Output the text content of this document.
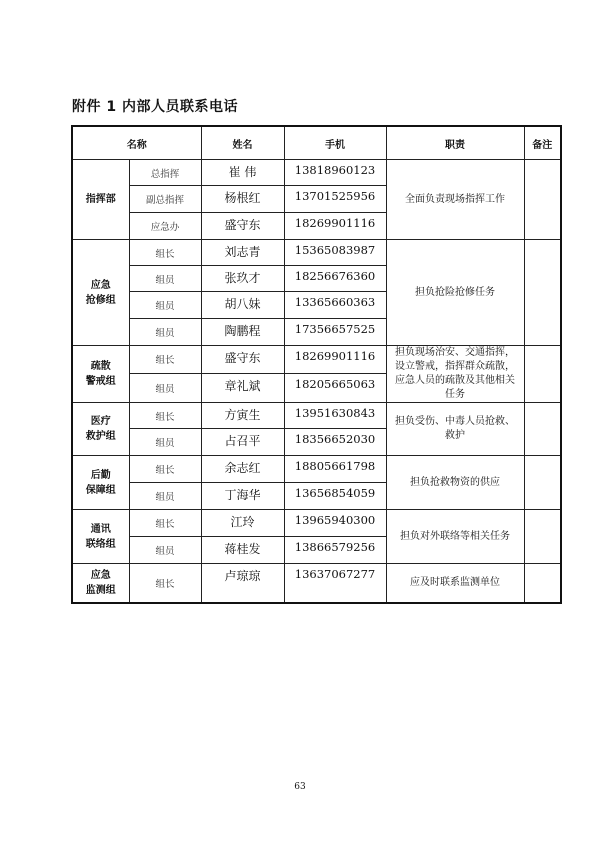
附件 1 内部人员联系电话
名称		姓名	手机	职责	备注

指挥部	总指挥	崔 伟	13818960123	全面负责现场指挥工作	
	副总指挥	杨根红	13701525956		
	应急办	盛守东	18269901116		

应急
抢修组	组长	刘志青	15365083987	担负抢险抢修任务	
	组员	张玖才	18256676360		
	组员	胡八妹	13365660363		
	组员	陶鹏程	17356657525		

疏散
警戒组	组长	盛守东	18269901116	担负现场治安、交通指挥，设立警戒，指挥群众疏散，应急人员的疏散及其他相关任务	
	组员	章礼斌	18205665063		

医疗
救护组	组长	方寅生	13951630843	担负受伤、中毒人员抢救、救护	
	组员	占召平	18356652030		

后勤
保障组	组长	余志红	18805661798	担负抢救物资的供应	
	组员	丁海华	13656854059		

通讯
联络组	组长	江玲	13965940300	担负对外联络等相关任务	
	组员	蒋桂发	13866579256		

应急
监测组	组长	卢琼琼	13637067277	应及时联系监测单位	
63
